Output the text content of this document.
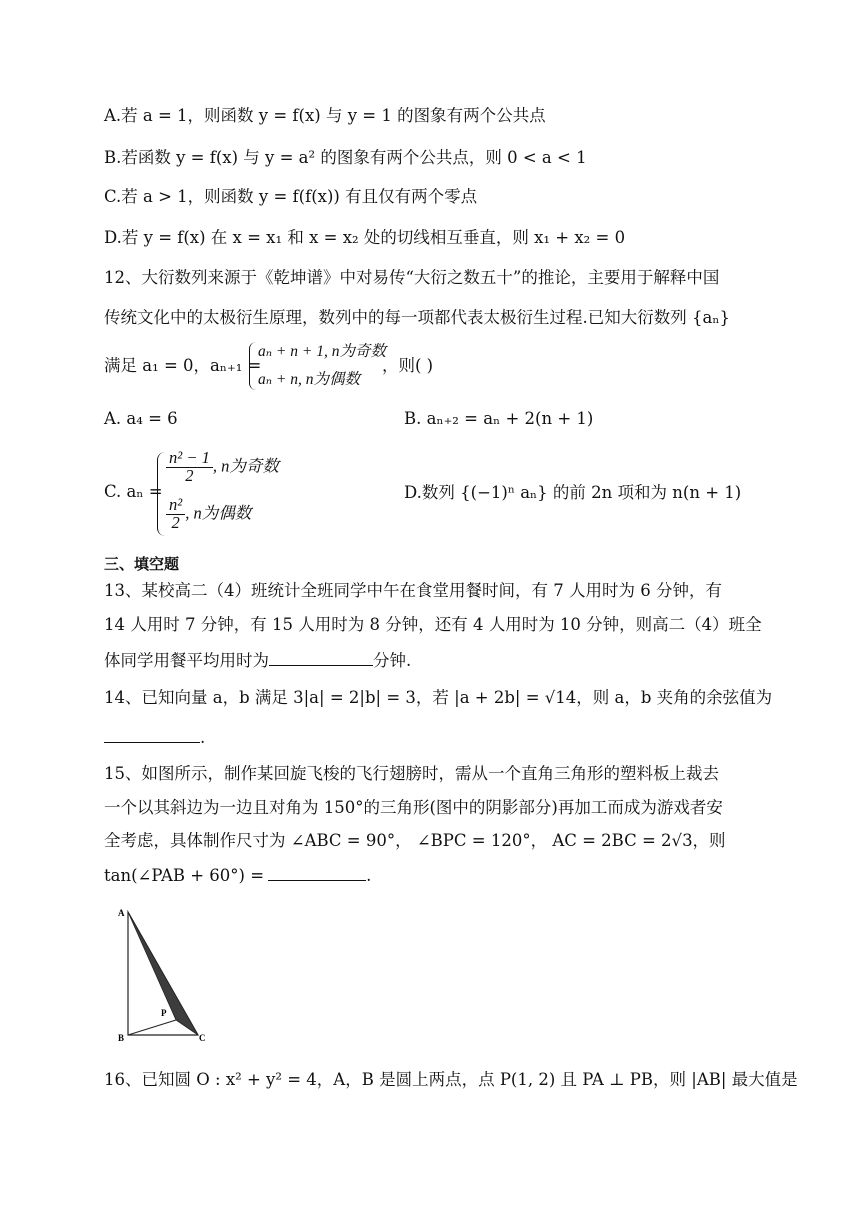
A.若 a = 1，则函数 y = f(x) 与 y = 1 的图象有两个公共点
B.若函数 y = f(x) 与 y = a² 的图象有两个公共点，则 0 < a < 1
C.若 a > 1，则函数 y = f(f(x)) 有且仅有两个零点
D.若 y = f(x) 在 x = x₁ 和 x = x₂ 处的切线相互垂直，则 x₁ + x₂ = 0
12、大衍数列来源于《乾坤谱》中对易传“大衍之数五十”的推论，主要用于解释中国
传统文化中的太极衍生原理，数列中的每一项都代表太极衍生过程.已知大衍数列 {aₙ}
满足 a₁ = 0，aₙ₊₁ =
aₙ + n + 1, n为奇数
aₙ + n, n为偶数
，则( )
A. a₄ = 6	B. aₙ₊₂ = aₙ + 2(n + 1)
C. aₙ =
$\frac{\text{n² − 1}}{2}$ , n为奇数
$\frac{\text{n²}}{2}$ , n为偶数
D.数列 {(−1)ⁿ aₙ} 的前 2n 项和为 n(n + 1)
三、填空题
13、某校高二（4）班统计全班同学中午在食堂用餐时间，有 7 人用时为 6 分钟，有
14 人用时 7 分钟，有 15 人用时为 8 分钟，还有 4 人用时为 10 分钟，则高二（4）班全
体同学用餐平均用时为	分钟.
14、已知向量 a，b 满足 3|a| = 2|b| = 3，若 |a + 2b| = √14，则 a，b 夹角的余弦值为
.
15、如图所示，制作某回旋飞梭的飞行翅膀时，需从一个直角三角形的塑料板上裁去
一个以其斜边为一边且对角为 150°的三角形(图中的阴影部分)再加工而成为游戏者安
全考虑，具体制作尺寸为 ∠ABC = 90°， ∠BPC = 120°， AC = 2BC = 2√3，则
tan(∠PAB + 60°) =	.
A
B	C
P
16、已知圆 O : x² + y² = 4，A，B 是圆上两点，点 P(1, 2) 且 PA ⊥ PB，则 |AB| 最大值是
